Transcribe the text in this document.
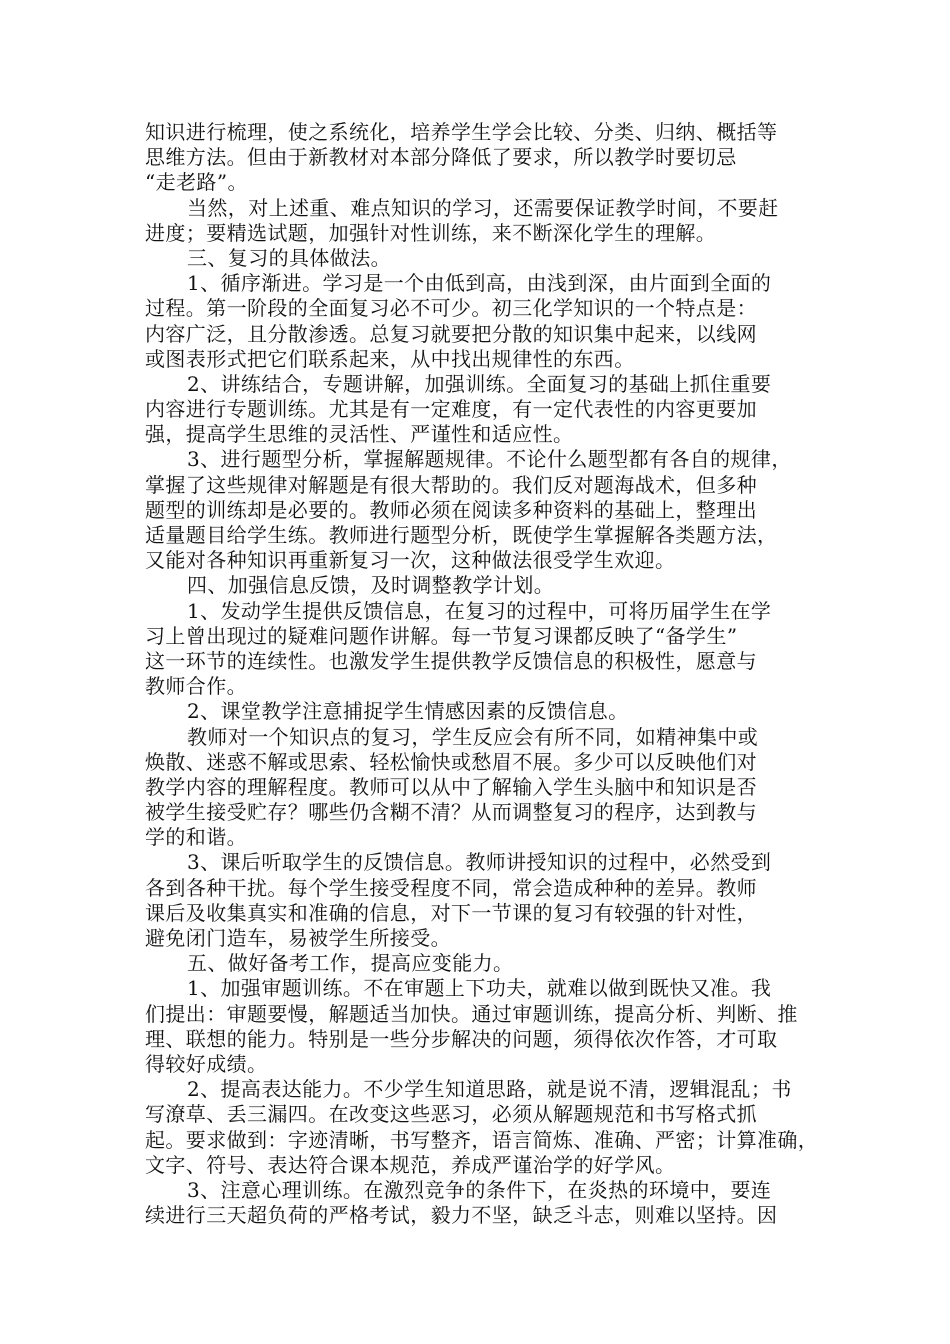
知识进行梳理，使之系统化，培养学生学会比较、分类、归纳、概括等
思维方法。但由于新教材对本部分降低了要求，所以教学时要切忌
“走老路”。
当然，对上述重、难点知识的学习，还需要保证教学时间，不要赶
进度；要精选试题，加强针对性训练，来不断深化学生的理解。
三、复习的具体做法。
1、循序渐进。学习是一个由低到高，由浅到深，由片面到全面的
过程。第一阶段的全面复习必不可少。初三化学知识的一个特点是：
内容广泛，且分散渗透。总复习就要把分散的知识集中起来，以线网
或图表形式把它们联系起来，从中找出规律性的东西。
2、讲练结合，专题讲解，加强训练。全面复习的基础上抓住重要
内容进行专题训练。尤其是有一定难度，有一定代表性的内容更要加
强，提高学生思维的灵活性、严谨性和适应性。
3、进行题型分析，掌握解题规律。不论什么题型都有各自的规律，
掌握了这些规律对解题是有很大帮助的。我们反对题海战术，但多种
题型的训练却是必要的。教师必须在阅读多种资料的基础上，整理出
适量题目给学生练。教师进行题型分析，既使学生掌握解各类题方法，
又能对各种知识再重新复习一次，这种做法很受学生欢迎。
四、加强信息反馈，及时调整教学计划。
1、发动学生提供反馈信息，在复习的过程中，可将历届学生在学
习上曾出现过的疑难问题作讲解。每一节复习课都反映了“备学生”
这一环节的连续性。也激发学生提供教学反馈信息的积极性，愿意与
教师合作。
2、课堂教学注意捕捉学生情感因素的反馈信息。
教师对一个知识点的复习，学生反应会有所不同，如精神集中或
焕散、迷惑不解或思索、轻松愉快或愁眉不展。多少可以反映他们对
教学内容的理解程度。教师可以从中了解输入学生头脑中和知识是否
被学生接受贮存？哪些仍含糊不清？从而调整复习的程序，达到教与
学的和谐。
3、课后听取学生的反馈信息。教师讲授知识的过程中，必然受到
各到各种干扰。每个学生接受程度不同，常会造成种种的差异。教师
课后及收集真实和准确的信息，对下一节课的复习有较强的针对性，
避免闭门造车，易被学生所接受。
五、做好备考工作，提高应变能力。
1、加强审题训练。不在审题上下功夫，就难以做到既快又准。我
们提出：审题要慢，解题适当加快。通过审题训练，提高分析、判断、推
理、联想的能力。特别是一些分步解决的问题，须得依次作答，才可取
得较好成绩。
2、提高表达能力。不少学生知道思路，就是说不清，逻辑混乱；书
写潦草、丢三漏四。在改变这些恶习，必须从解题规范和书写格式抓
起。要求做到：字迹清晰，书写整齐，语言简炼、准确、严密；计算准确，
文字、符号、表达符合课本规范，养成严谨治学的好学风。
3、注意心理训练。在激烈竞争的条件下，在炎热的环境中，要连
续进行三天超负荷的严格考试，毅力不坚，缺乏斗志，则难以坚持。因
